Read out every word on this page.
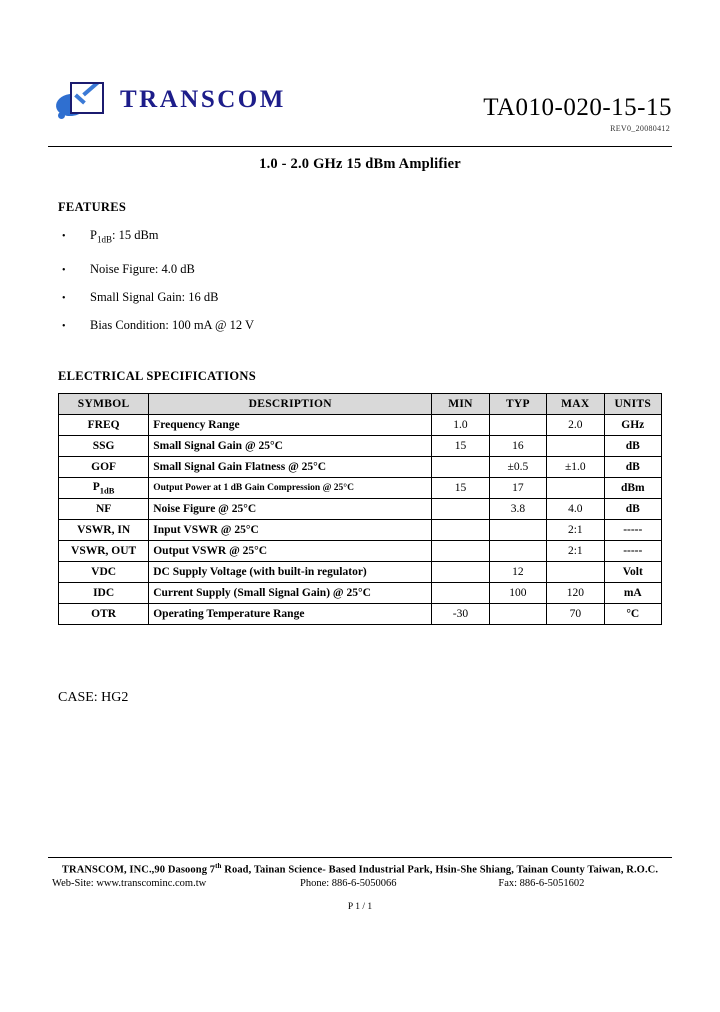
TRANSCOM	TA010-020-15-15
REV0_20080412
1.0 - 2.0 GHz 15 dBm Amplifier
FEATURES
•	$P_{1dB}$: 15 dBm
•	Noise Figure: 4.0 dB
•	Small Signal Gain: 16 dB
•	Bias Condition: 100 mA @ 12 V
ELECTRICAL SPECIFICATIONS
SYMBOL	DESCRIPTION	MIN	TYP	MAX	UNITS
FREQ	Frequency Range	1.0		2.0	GHz
SSG	Small Signal Gain @ 25°C	15	16		dB
GOF	Small Signal Gain Flatness @ 25°C		±0.5	±1.0	dB
$P_{1dB}$	Output Power at 1 dB Gain Compression @ 25°C	15	17		dBm
NF	Noise Figure @ 25°C		3.8	4.0	dB
VSWR, IN	Input VSWR @ 25°C			2:1	-----
VSWR, OUT	Output VSWR @ 25°C			2:1	-----
VDC	DC Supply Voltage (with built-in regulator)		12		Volt
IDC	Current Supply (Small Signal Gain) @ 25°C		100	120	mA
OTR	Operating Temperature Range	-30		70	°C
CASE: HG2
TRANSCOM, INC.,90 Dasoong 7th Road, Tainan Science- Based Industrial Park, Hsin-She Shiang, Tainan County Taiwan, R.O.C.
Web-Site: www.transcominc.com.tw	Phone: 886-6-5050066	Fax: 886-6-5051602
P 1 / 1
